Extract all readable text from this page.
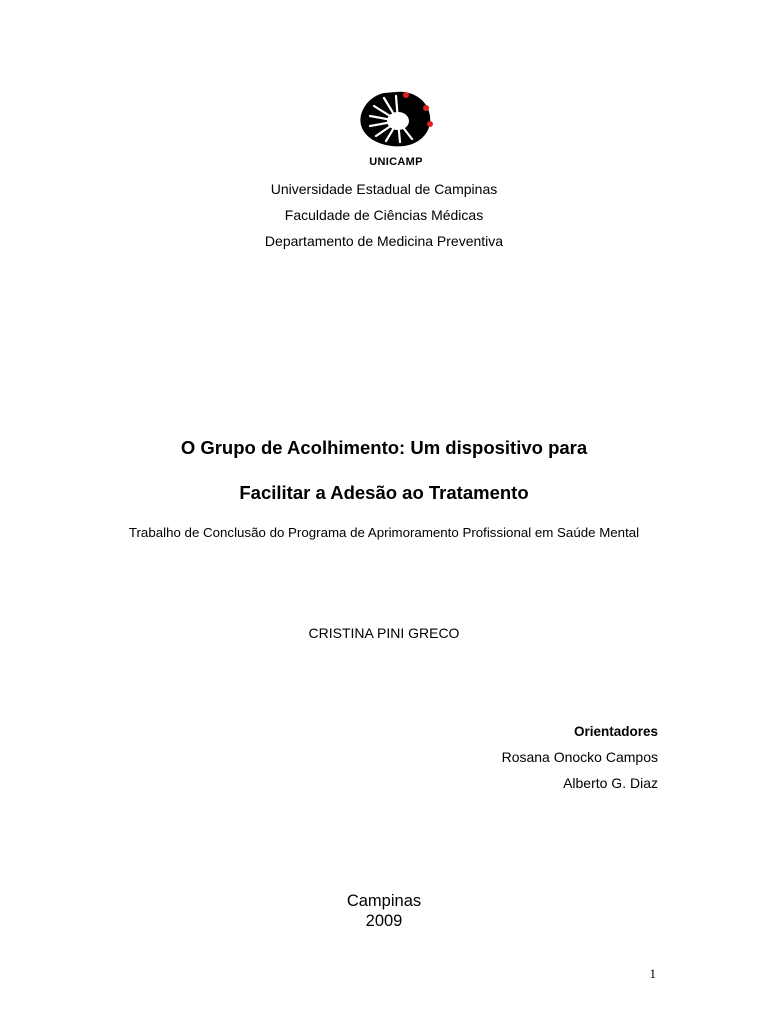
UNICAMP
Universidade Estadual de Campinas
Faculdade de Ciências Médicas
Departamento de Medicina Preventiva
O Grupo de Acolhimento: Um dispositivo para
Facilitar a Adesão ao Tratamento
Trabalho de Conclusão do Programa de Aprimoramento Profissional em Saúde Mental
CRISTINA PINI GRECO
Orientadores
Rosana Onocko Campos
Alberto G. Diaz
Campinas
2009
1
